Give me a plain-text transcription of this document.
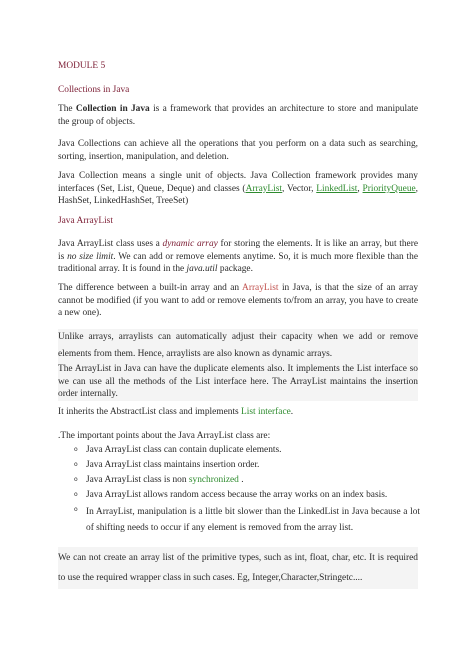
MODULE 5
Collections in Java
The Collection in Java is a framework that provides an architecture to store and manipulate the group of objects.
Java Collections can achieve all the operations that you perform on a data such as searching, sorting, insertion, manipulation, and deletion.
Java Collection means a single unit of objects. Java Collection framework provides many interfaces (Set, List, Queue, Deque) and classes (ArrayList, Vector, LinkedList, PriorityQueue, HashSet, LinkedHashSet, TreeSet)
Java ArrayList
Java ArrayList class uses a dynamic array for storing the elements. It is like an array, but there is no size limit. We can add or remove elements anytime. So, it is much more flexible than the traditional array. It is found in the java.util package.
The difference between a built-in array and an ArrayList in Java, is that the size of an array cannot be modified (if you want to add or remove elements to/from an array, you have to create a new one).
Unlike arrays, arraylists can automatically adjust their capacity when we add or remove elements from them. Hence, arraylists are also known as dynamic arrays.
The ArrayList in Java can have the duplicate elements also. It implements the List interface so we can use all the methods of the List interface here. The ArrayList maintains the insertion order internally.
It inherits the AbstractList class and implements List interface.
.The important points about the Java ArrayList class are:
o Java ArrayList class can contain duplicate elements.
o Java ArrayList class maintains insertion order.
o Java ArrayList class is non synchronized .
o Java ArrayList allows random access because the array works on an index basis.
o In ArrayList, manipulation is a little bit slower than the LinkedList in Java because a lot of shifting needs to occur if any element is removed from the array list.
We can not create an array list of the primitive types, such as int, float, char, etc. It is required to use the required wrapper class in such cases. Eg, Integer,Character,Stringetc....
